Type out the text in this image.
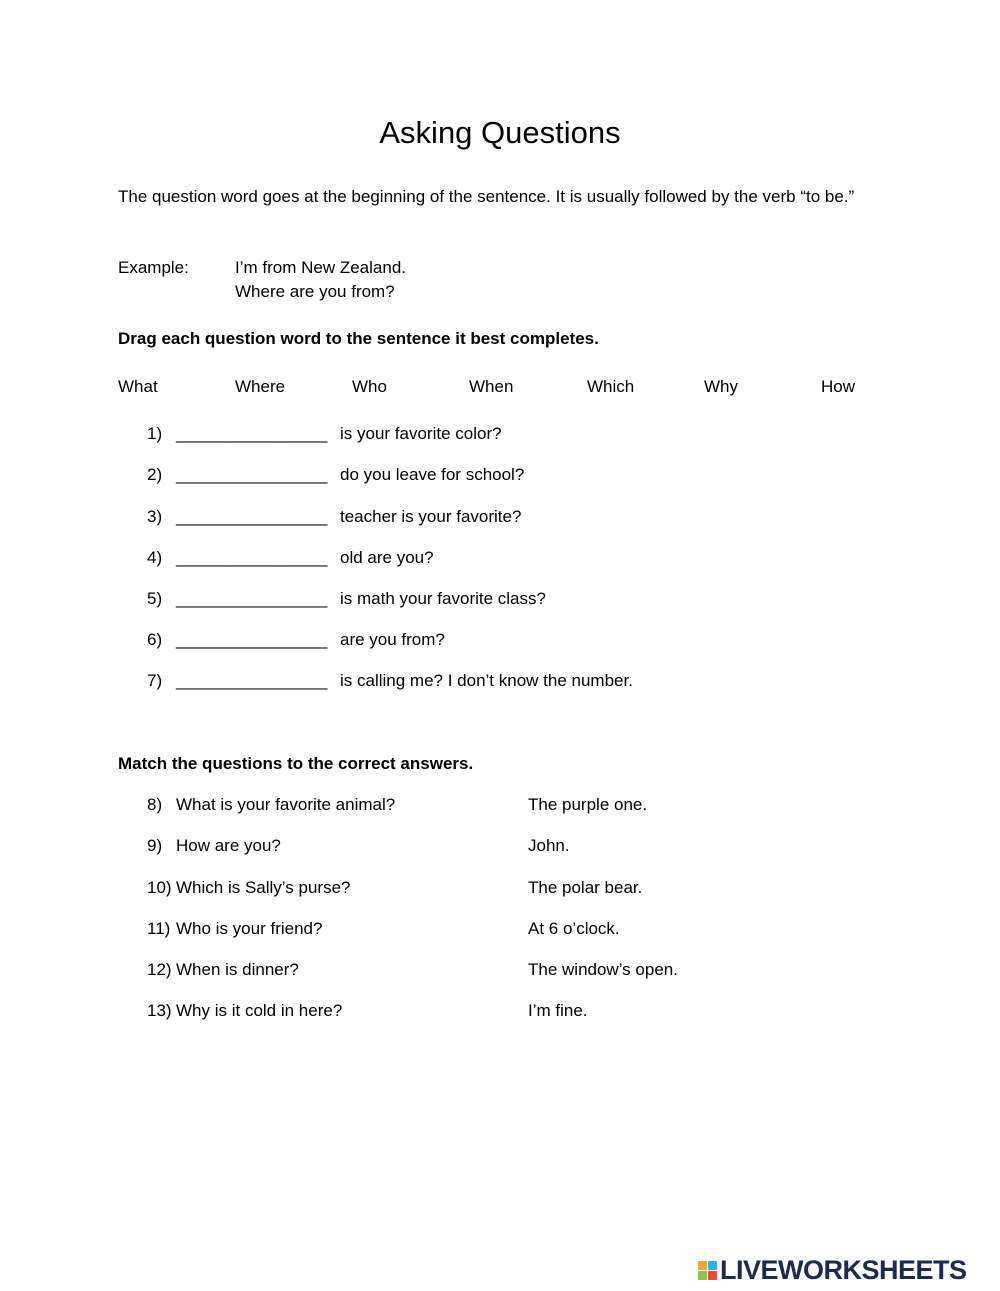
Asking Questions
The question word goes at the beginning of the sentence. It is usually followed by the verb “to be.”
Example:	I’m from New Zealand.
Where are you from?
Drag each question word to the sentence it best completes.
What	Where	Who	When	Which	Why	How
1) ________________ is your favorite color?
2) ________________ do you leave for school?
3) ________________ teacher is your favorite?
4) ________________ old are you?
5) ________________ is math your favorite class?
6) ________________ are you from?
7) ________________ is calling me? I don’t know the number.
Match the questions to the correct answers.
8) What is your favorite animal?	The purple one.
9) How are you?	John.
10) Which is Sally’s purse?	The polar bear.
11) Who is your friend?	At 6 o’clock.
12) When is dinner?	The window’s open.
13) Why is it cold in here?	I’m fine.
LIVEWORKSHEETS
